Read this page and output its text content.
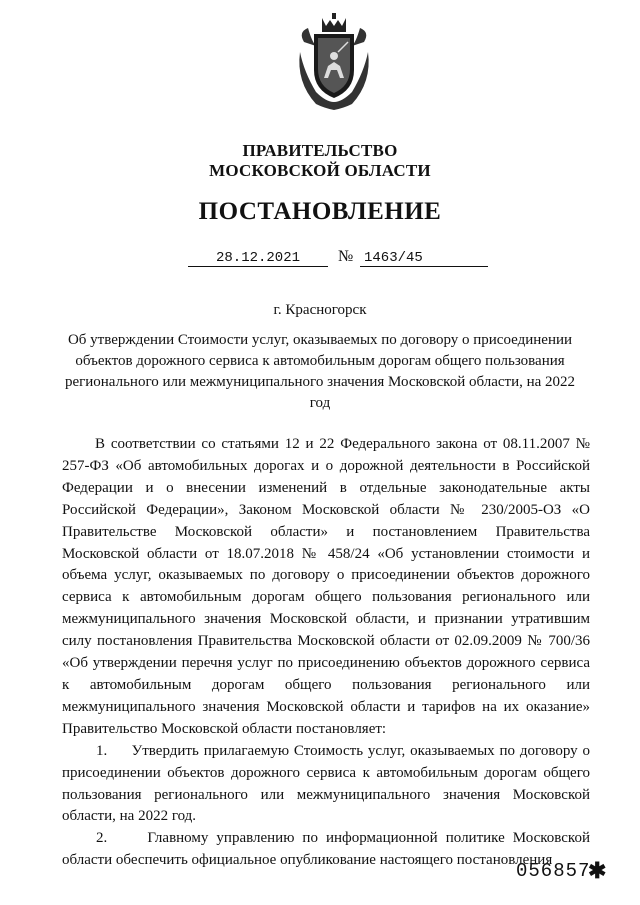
ПРАВИТЕЛЬСТВО
МОСКОВСКОЙ ОБЛАСТИ
ПОСТАНОВЛЕНИЕ
28.12.2021	№ 1463/45
г. Красногорск
Об утверждении Стоимости услуг, оказываемых по договору о присоединении объектов дорожного сервиса к автомобильным дорогам общего пользования регионального или межмуниципального значения Московской области, на 2022 год

В соответствии со статьями 12 и 22 Федерального закона от 08.11.2007 № 257-ФЗ «Об автомобильных дорогах и о дорожной деятельности в Российской Федерации и о внесении изменений в отдельные законодательные акты Российской Федерации», Законом Московской области № 230/2005-ОЗ «О Правительстве Московской области» и постановлением Правительства Московской области от 18.07.2018 № 458/24 «Об установлении стоимости и объема услуг, оказываемых по договору о присоединении объектов дорожного сервиса к автомобильным дорогам общего пользования регионального или межмуниципального значения Московской области, и признании утратившим силу постановления Правительства Московской области от 02.09.2009 № 700/36 «Об утверждении перечня услуг по присоединению объектов дорожного сервиса к автомобильным дорогам общего пользования регионального или межмуниципального значения Московской области и тарифов на их оказание» Правительство Московской области постановляет:

1.     Утвердить прилагаемую Стоимость услуг, оказываемых по договору о присоединении объектов дорожного сервиса к автомобильным дорогам общего пользования регионального или межмуниципального значения Московской области, на 2022 год.

2.     Главному управлению по информационной политике Московской области обеспечить официальное опубликование настоящего постановления

056857
✱
